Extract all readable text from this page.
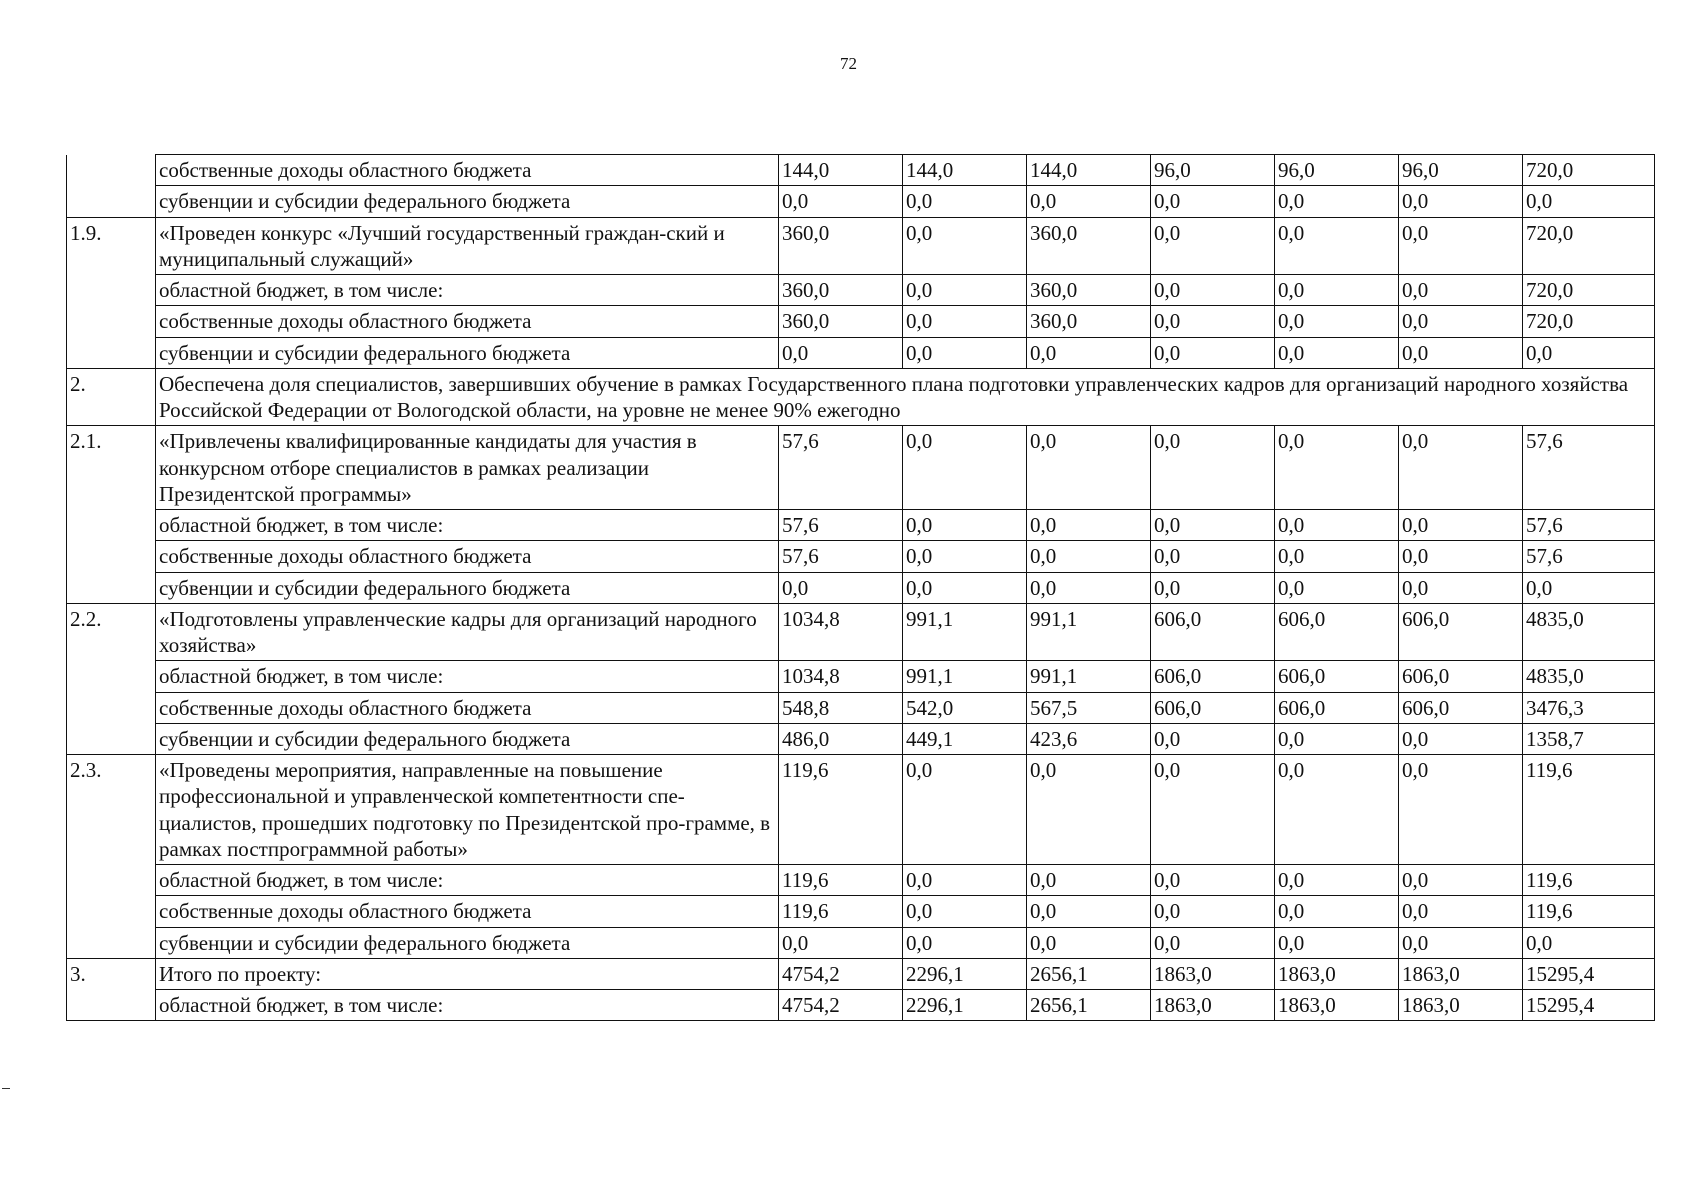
72
	собственные доходы областного бюджета	144,0	144,0	144,0	96,0	96,0	96,0	720,0
	субвенции и субсидии федерального бюджета	0,0	0,0	0,0	0,0	0,0	0,0	0,0
1.9.	«Проведен конкурс «Лучший государственный граждан-ский и муниципальный служащий»	360,0	0,0	360,0	0,0	0,0	0,0	720,0
	областной бюджет, в том числе:	360,0	0,0	360,0	0,0	0,0	0,0	720,0
	собственные доходы областного бюджета	360,0	0,0	360,0	0,0	0,0	0,0	720,0
	субвенции и субсидии федерального бюджета	0,0	0,0	0,0	0,0	0,0	0,0	0,0
2.	Обеспечена доля специалистов, завершивших обучение в рамках Государственного плана подготовки управленческих кадров для организаций народного хозяйства Российской Федерации от Вологодской области, на уровне не менее 90% ежегодно							
2.1.	«Привлечены квалифицированные кандидаты для участия в конкурсном отборе специалистов в рамках реализации Президентской программы»	57,6	0,0	0,0	0,0	0,0	0,0	57,6
	областной бюджет, в том числе:	57,6	0,0	0,0	0,0	0,0	0,0	57,6
	собственные доходы областного бюджета	57,6	0,0	0,0	0,0	0,0	0,0	57,6
	субвенции и субсидии федерального бюджета	0,0	0,0	0,0	0,0	0,0	0,0	0,0
2.2.	«Подготовлены управленческие кадры для организаций народного хозяйства»	1034,8	991,1	991,1	606,0	606,0	606,0	4835,0
	областной бюджет, в том числе:	1034,8	991,1	991,1	606,0	606,0	606,0	4835,0
	собственные доходы областного бюджета	548,8	542,0	567,5	606,0	606,0	606,0	3476,3
	субвенции и субсидии федерального бюджета	486,0	449,1	423,6	0,0	0,0	0,0	1358,7
2.3.	«Проведены мероприятия, направленные на повышение профессиональной и управленческой компетентности спе-циалистов, прошедших подготовку по Президентской про-грамме, в рамках постпрограммной работы»	119,6	0,0	0,0	0,0	0,0	0,0	119,6
	областной бюджет, в том числе:	119,6	0,0	0,0	0,0	0,0	0,0	119,6
	собственные доходы областного бюджета	119,6	0,0	0,0	0,0	0,0	0,0	119,6
	субвенции и субсидии федерального бюджета	0,0	0,0	0,0	0,0	0,0	0,0	0,0
3.	Итого по проекту:	4754,2	2296,1	2656,1	1863,0	1863,0	1863,0	15295,4
	областной бюджет, в том числе:	4754,2	2296,1	2656,1	1863,0	1863,0	1863,0	15295,4
